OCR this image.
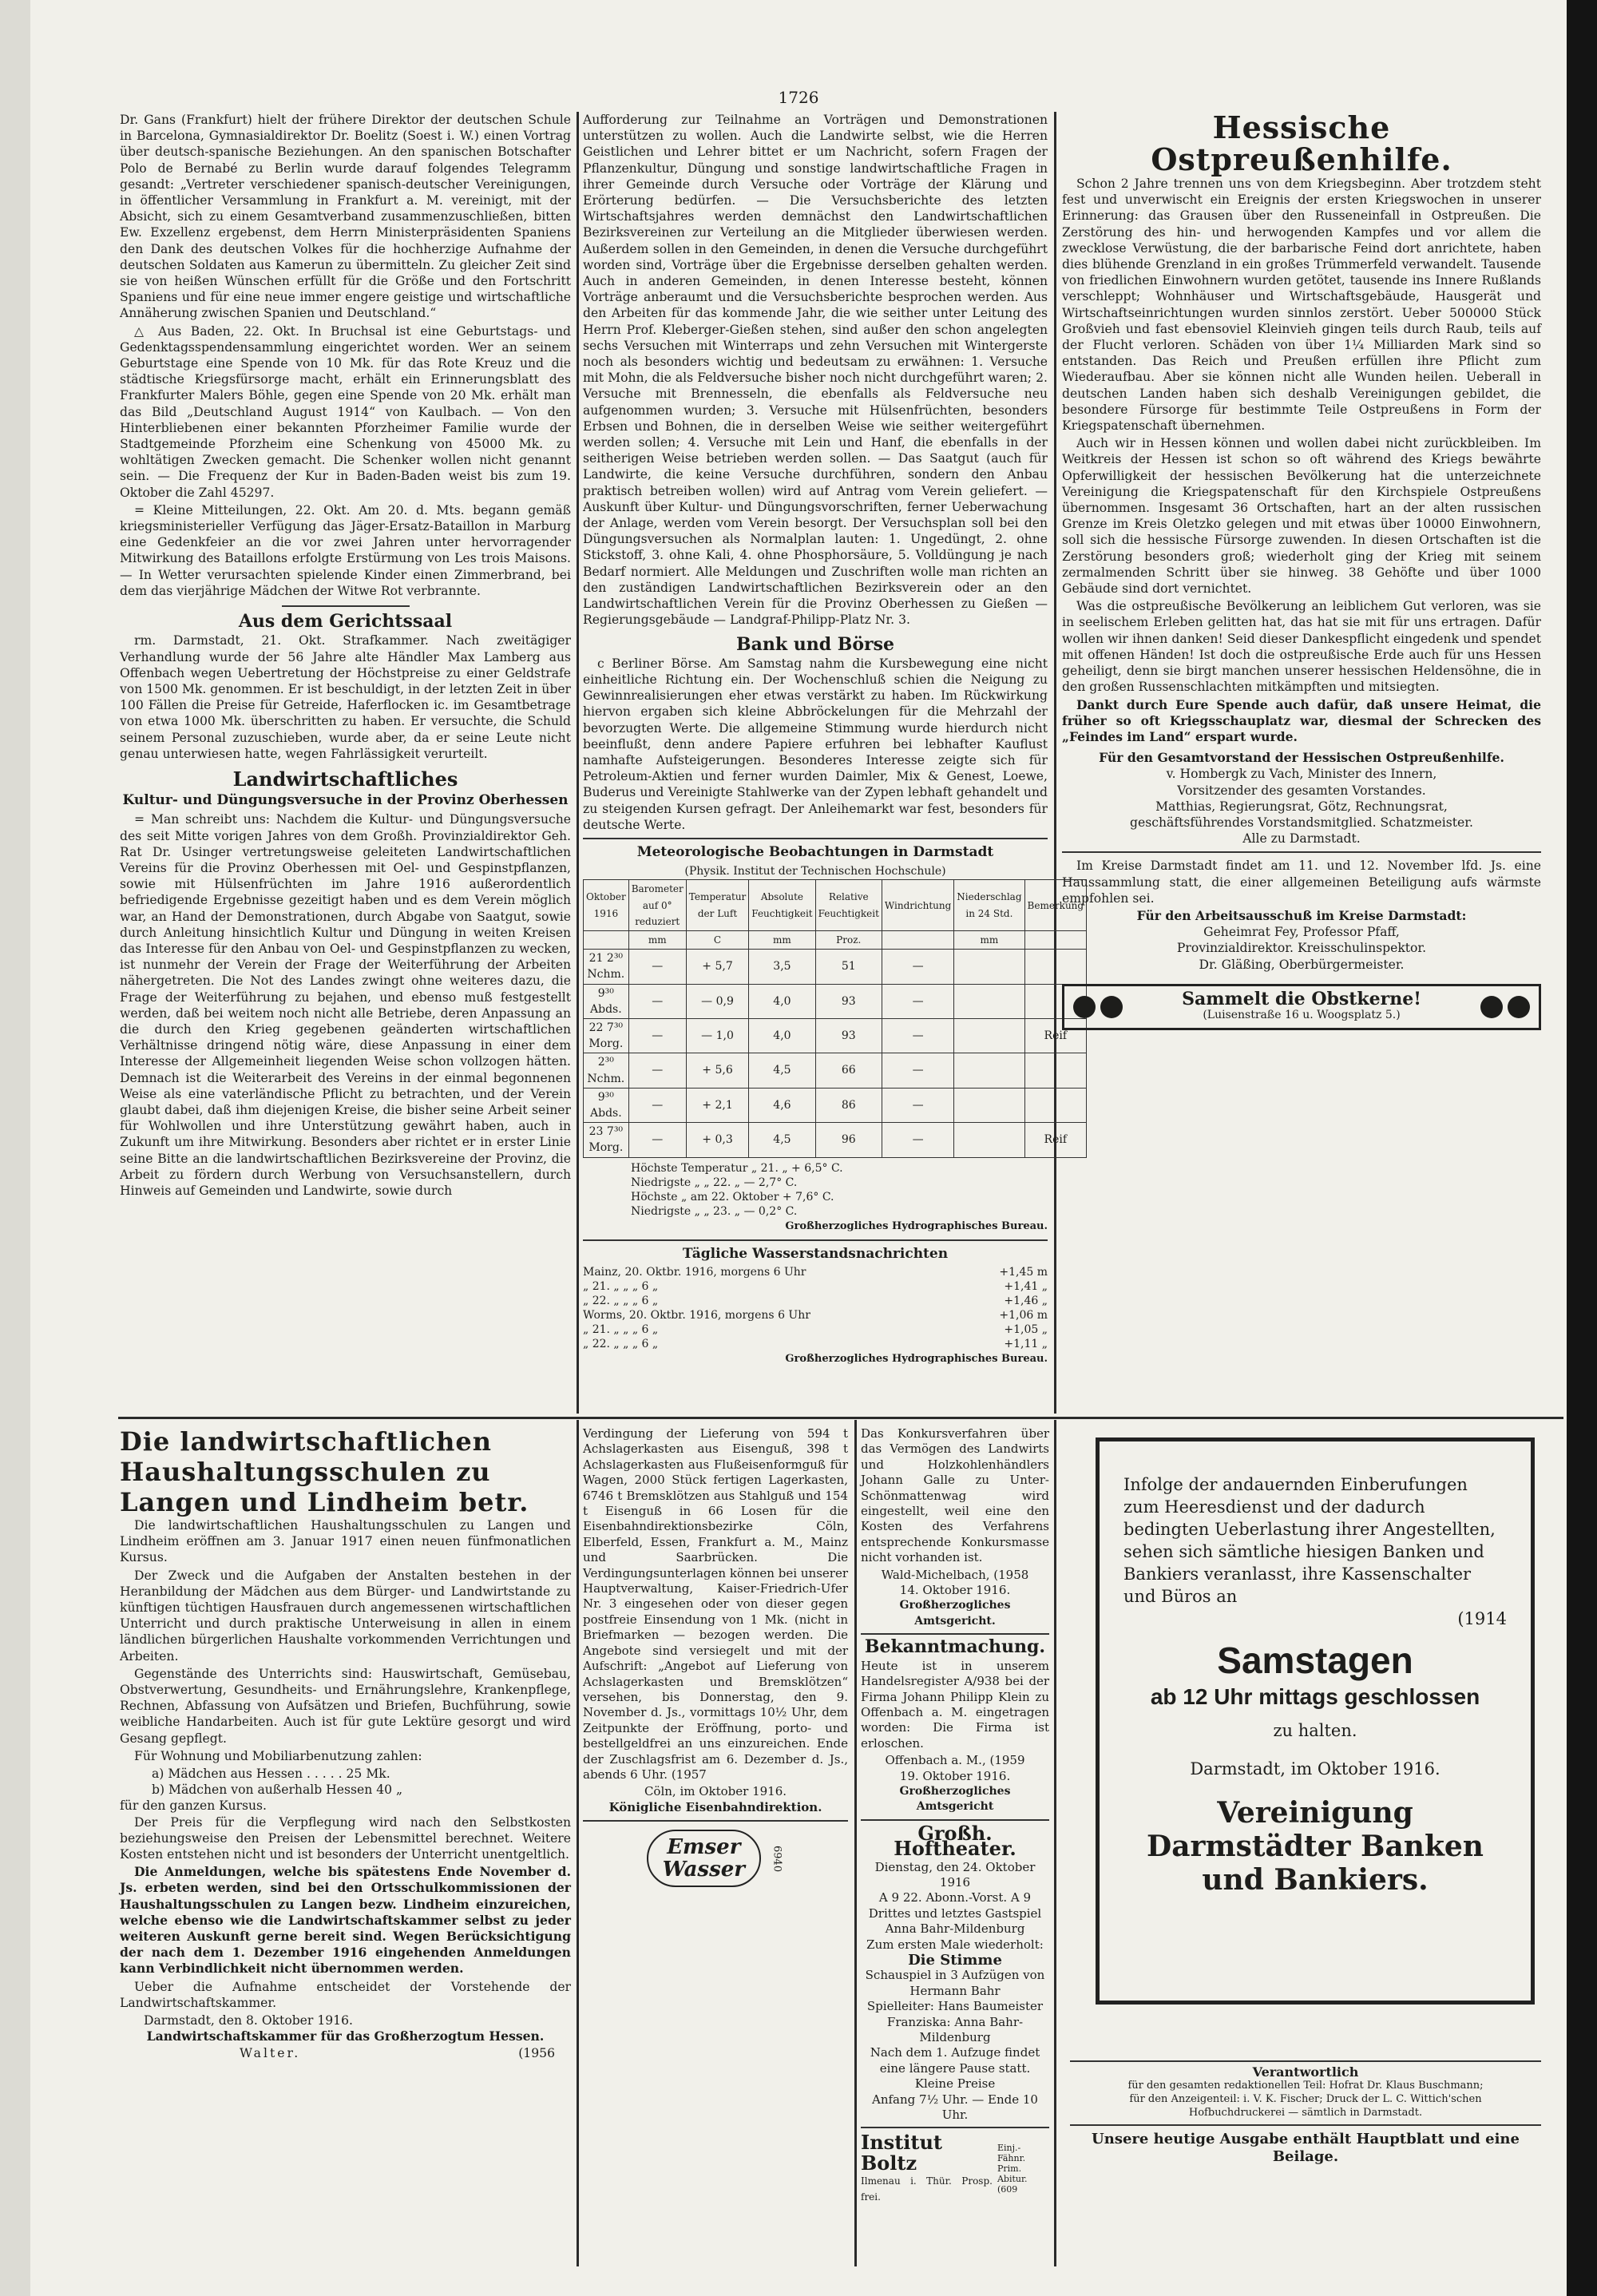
1726

Dr. Gans (Frankfurt) hielt der frühere Direktor der deutschen Schule in Barcelona, Gymnasialdirektor Dr. Boelitz (Soest i. W.) einen Vortrag über deutsch-spanische Beziehungen. An den spanischen Botschafter Polo de Bernabé zu Berlin wurde darauf folgendes Telegramm gesandt: „Vertreter verschiedener spanisch-deutscher Vereinigungen, in öffentlicher Versammlung in Frankfurt a. M. vereinigt, mit der Absicht, sich zu einem Gesamtverband zusammenzuschließen, bitten Ew. Exzellenz ergebenst, dem Herrn Ministerpräsidenten Spaniens den Dank des deutschen Volkes für die hochherzige Aufnahme der deutschen Soldaten aus Kamerun zu übermitteln. Zu gleicher Zeit sind sie von heißen Wünschen erfüllt für die Größe und den Fortschritt Spaniens und für eine neue immer engere geistige und wirtschaftliche Annäherung zwischen Spanien und Deutschland.“

△ Aus Baden, 22. Okt. In Bruchsal ist eine Geburtstags- und Gedenktagsspendensammlung eingerichtet worden. Wer an seinem Geburtstage eine Spende von 10 Mk. für das Rote Kreuz und die städtische Kriegsfürsorge macht, erhält ein Erinnerungsblatt des Frankfurter Malers Böhle, gegen eine Spende von 20 Mk. erhält man das Bild „Deutschland August 1914“ von Kaulbach. — Von den Hinterbliebenen einer bekannten Pforzheimer Familie wurde der Stadtgemeinde Pforzheim eine Schenkung von 45000 Mk. zu wohltätigen Zwecken gemacht. Die Schenker wollen nicht genannt sein. — Die Frequenz der Kur in Baden-Baden weist bis zum 19. Oktober die Zahl 45297.

= Kleine Mitteilungen, 22. Okt. Am 20. d. Mts. begann gemäß kriegsministerieller Verfügung das Jäger-Ersatz-Bataillon in Marburg eine Gedenkfeier an die vor zwei Jahren unter hervorragender Mitwirkung des Bataillons erfolgte Erstürmung von Les trois Maisons. — In Wetter verursachten spielende Kinder einen Zimmerbrand, bei dem das vierjährige Mädchen der Witwe Rot verbrannte.

Aus dem Gerichtssaal

rm. Darmstadt, 21. Okt. Strafkammer. Nach zweitägiger Verhandlung wurde der 56 Jahre alte Händler Max Lamberg aus Offenbach wegen Uebertretung der Höchstpreise zu einer Geldstrafe von 1500 Mk. genommen. Er ist beschuldigt, in der letzten Zeit in über 100 Fällen die Preise für Getreide, Haferflocken ic. im Gesamtbetrage von etwa 1000 Mk. überschritten zu haben. Er versuchte, die Schuld seinem Personal zuzuschieben, wurde aber, da er seine Leute nicht genau unterwiesen hatte, wegen Fahrlässigkeit verurteilt.

Landwirtschaftliches
Kultur- und Düngungsversuche in der Provinz Oberhessen

= Man schreibt uns: Nachdem die Kultur- und Düngungsversuche des seit Mitte vorigen Jahres von dem Großh. Provinzialdirektor Geh. Rat Dr. Usinger vertretungsweise geleiteten Landwirtschaftlichen Vereins für die Provinz Oberhessen mit Oel- und Gespinstpflanzen, sowie mit Hülsenfrüchten im Jahre 1916 außerordentlich befriedigende Ergebnisse gezeitigt haben und es dem Verein möglich war, an Hand der Demonstrationen, durch Abgabe von Saatgut, sowie durch Anleitung hinsichtlich Kultur und Düngung in weiten Kreisen das Interesse für den Anbau von Oel- und Gespinstpflanzen zu wecken, ist nunmehr der Verein der Frage der Weiterführung der Arbeiten nähergetreten. Die Not des Landes zwingt ohne weiteres dazu, die Frage der Weiterführung zu bejahen, und ebenso muß festgestellt werden, daß bei weitem noch nicht alle Betriebe, deren Anpassung an die durch den Krieg gegebenen geänderten wirtschaftlichen Verhältnisse dringend nötig wäre, diese Anpassung in einer dem Interesse der Allgemeinheit liegenden Weise schon vollzogen hätten. Demnach ist die Weiterarbeit des Vereins in der einmal begonnenen Weise als eine vaterländische Pflicht zu betrachten, und der Verein glaubt dabei, daß ihm diejenigen Kreise, die bisher seine Arbeit seiner für Wohlwollen und ihre Unterstützung gewährt haben, auch in Zukunft um ihre Mitwirkung. Besonders aber richtet er in erster Linie seine Bitte an die landwirtschaftlichen Bezirksvereine der Provinz, die Arbeit zu fördern durch Werbung von Versuchsanstellern, durch Hinweis auf Gemeinden und Landwirte, sowie durch

Aufforderung zur Teilnahme an Vorträgen und Demonstrationen unterstützen zu wollen. Auch die Landwirte selbst, wie die Herren Geistlichen und Lehrer bittet er um Nachricht, sofern Fragen der Pflanzenkultur, Düngung und sonstige landwirtschaftliche Fragen in ihrer Gemeinde durch Versuche oder Vorträge der Klärung und Erörterung bedürfen. — Die Versuchsberichte des letzten Wirtschaftsjahres werden demnächst den Landwirtschaftlichen Bezirksvereinen zur Verteilung an die Mitglieder überwiesen werden. Außerdem sollen in den Gemeinden, in denen die Versuche durchgeführt worden sind, Vorträge über die Ergebnisse derselben gehalten werden. Auch in anderen Gemeinden, in denen Interesse besteht, können Vorträge anberaumt und die Versuchsberichte besprochen werden. Aus den Arbeiten für das kommende Jahr, die wie seither unter Leitung des Herrn Prof. Kleberger-Gießen stehen, sind außer den schon angelegten sechs Versuchen mit Winterraps und zehn Versuchen mit Wintergerste noch als besonders wichtig und bedeutsam zu erwähnen: 1. Versuche mit Mohn, die als Feldversuche bisher noch nicht durchgeführt waren; 2. Versuche mit Brennesseln, die ebenfalls als Feldversuche neu aufgenommen wurden; 3. Versuche mit Hülsenfrüchten, besonders Erbsen und Bohnen, die in derselben Weise wie seither weitergeführt werden sollen; 4. Versuche mit Lein und Hanf, die ebenfalls in der seitherigen Weise betrieben werden sollen. — Das Saatgut (auch für Landwirte, die keine Versuche durchführen, sondern den Anbau praktisch betreiben wollen) wird auf Antrag vom Verein geliefert. — Auskunft über Kultur- und Düngungsvorschriften, ferner Ueberwachung der Anlage, werden vom Verein besorgt. Der Versuchsplan soll bei den Düngungsversuchen als Normalplan lauten: 1. Ungedüngt, 2. ohne Stickstoff, 3. ohne Kali, 4. ohne Phosphorsäure, 5. Volldüngung je nach Bedarf normiert. Alle Meldungen und Zuschriften wolle man richten an den zuständigen Landwirtschaftlichen Bezirksverein oder an den Landwirtschaftlichen Verein für die Provinz Oberhessen zu Gießen — Regierungsgebäude — Landgraf-Philipp-Platz Nr. 3.

Bank und Börse

c Berliner Börse. Am Samstag nahm die Kursbewegung eine nicht einheitliche Richtung ein. Der Wochenschluß schien die Neigung zu Gewinnrealisierungen eher etwas verstärkt zu haben. Im Rückwirkung hiervon ergaben sich kleine Abbröckelungen für die Mehrzahl der bevorzugten Werte. Die allgemeine Stimmung wurde hierdurch nicht beeinflußt, denn andere Papiere erfuhren bei lebhafter Kauflust namhafte Aufsteigerungen. Besonderes Interesse zeigte sich für Petroleum-Aktien und ferner wurden Daimler, Mix & Genest, Loewe, Buderus und Vereinigte Stahlwerke van der Zypen lebhaft gehandelt und zu steigenden Kursen gefragt. Der Anleihemarkt war fest, besonders für deutsche Werte.

Meteorologische Beobachtungen in Darmstadt
(Physik. Institut der Technischen Hochschule)
Oktober 1916	Barometer auf 0° reduziert	Temperatur der Luft	Absolute Feuchtigkeit	Relative Feuchtigkeit	Windrichtung	Niederschlag in 24 Std.	Bemerkung
	mm	C	mm	Proz.		mm	
21 2³⁰ Nchm.	—	+ 5,7	3,5	51	—		
9³⁰ Abds.	—	— 0,9	4,0	93	—		
22 7³⁰ Morg.	—	— 1,0	4,0	93	—		Reif
2³⁰ Nchm.	—	+ 5,6	4,5	66	—		
9³⁰ Abds.	—	+ 2,1	4,6	86	—		
23 7³⁰ Morg.	—	+ 0,3	4,5	96	—		Reif
Höchste Temperatur „ 21. „ + 6,5° C.
Niedrigste „ „ 22. „ — 2,7° C.
Höchste „ am 22. Oktober + 7,6° C.
Niedrigste „ „ 23. „ — 0,2° C.
Großherzogliches Hydrographisches Bureau.
Tägliche Wasserstandsnachrichten
Mainz, 20. Oktbr. 1916, morgens 6 Uhr	+1,45 m
„ 21. „ „ „ 6 „	+1,41 „
„ 22. „ „ „ 6 „	+1,46 „
Worms, 20. Oktbr. 1916, morgens 6 Uhr	+1,06 m
„ 21. „ „ „ 6 „	+1,05 „
„ 22. „ „ „ 6 „	+1,11 „
Großherzogliches Hydrographisches Bureau.
Hessische Ostpreußenhilfe.

Schon 2 Jahre trennen uns von dem Kriegsbeginn. Aber trotzdem steht fest und unverwischt ein Ereignis der ersten Kriegswochen in unserer Erinnerung: das Grausen über den Russeneinfall in Ostpreußen. Die Zerstörung des hin- und herwogenden Kampfes und vor allem die zwecklose Verwüstung, die der barbarische Feind dort anrichtete, haben dies blühende Grenzland in ein großes Trümmerfeld verwandelt. Tausende von friedlichen Einwohnern wurden getötet, tausende ins Innere Rußlands verschleppt; Wohnhäuser und Wirtschaftsgebäude, Hausgerät und Wirtschaftseinrichtungen wurden sinnlos zerstört. Ueber 500000 Stück Großvieh und fast ebensoviel Kleinvieh gingen teils durch Raub, teils auf der Flucht verloren. Schäden von über 1¼ Milliarden Mark sind so entstanden. Das Reich und Preußen erfüllen ihre Pflicht zum Wiederaufbau. Aber sie können nicht alle Wunden heilen. Ueberall in deutschen Landen haben sich deshalb Vereinigungen gebildet, die besondere Fürsorge für bestimmte Teile Ostpreußens in Form der Kriegspatenschaft übernehmen.

Auch wir in Hessen können und wollen dabei nicht zurückbleiben. Im Weitkreis der Hessen ist schon so oft während des Kriegs bewährte Opferwilligkeit der hessischen Bevölkerung hat die unterzeichnete Vereinigung die Kriegspatenschaft für den Kirchspiele Ostpreußens übernommen. Insgesamt 36 Ortschaften, hart an der alten russischen Grenze im Kreis Oletzko gelegen und mit etwas über 10000 Einwohnern, soll sich die hessische Fürsorge zuwenden. In diesen Ortschaften ist die Zerstörung besonders groß; wiederholt ging der Krieg mit seinem zermalmenden Schritt über sie hinweg. 38 Gehöfte und über 1000 Gebäude sind dort vernichtet.

Was die ostpreußische Bevölkerung an leiblichem Gut verloren, was sie in seelischem Erleben gelitten hat, das hat sie mit für uns ertragen. Dafür wollen wir ihnen danken! Seid dieser Dankespflicht eingedenk und spendet mit offenen Händen! Ist doch die ostpreußische Erde auch für uns Hessen geheiligt, denn sie birgt manchen unserer hessischen Heldensöhne, die in den großen Russenschlachten mitkämpften und mitsiegten.

Dankt durch Eure Spende auch dafür, daß unsere Heimat, die früher so oft Kriegsschauplatz war, diesmal der Schrecken des „Feindes im Land“ erspart wurde.

Für den Gesamtvorstand der Hessischen Ostpreußenhilfe.
v. Hombergk zu Vach, Minister des Innern,
Vorsitzender des gesamten Vorstandes.
Matthias, Regierungsrat, Götz, Rechnungsrat,
geschäftsführendes Vorstandsmitglied. Schatzmeister.
Alle zu Darmstadt.

Im Kreise Darmstadt findet am 11. und 12. November lfd. Js. eine Haussammlung statt, die einer allgemeinen Beteiligung aufs wärmste empfohlen sei.

Für den Arbeitsausschuß im Kreise Darmstadt:
Geheimrat Fey, Professor Pfaff,
Provinzialdirektor. Kreisschulinspektor.
Dr. Gläßing, Oberbürgermeister.
Sammelt die Obstkerne!
(Luisenstraße 16 u. Woogsplatz 5.)
Die landwirtschaftlichen Haushaltungsschulen zu Langen und Lindheim betr.

Die landwirtschaftlichen Haushaltungsschulen zu Langen und Lindheim eröffnen am 3. Januar 1917 einen neuen fünfmonatlichen Kursus.

Der Zweck und die Aufgaben der Anstalten bestehen in der Heranbildung der Mädchen aus dem Bürger- und Landwirtstande zu künftigen tüchtigen Hausfrauen durch angemessenen wirtschaftlichen Unterricht und durch praktische Unterweisung in allen in einem ländlichen bürgerlichen Haushalte vorkommenden Verrichtungen und Arbeiten.

Gegenstände des Unterrichts sind: Hauswirtschaft, Gemüsebau, Obstverwertung, Gesundheits- und Ernährungslehre, Krankenpflege, Rechnen, Abfassung von Aufsätzen und Briefen, Buchführung, sowie weibliche Handarbeiten. Auch ist für gute Lektüre gesorgt und wird Gesang gepflegt.

Für Wohnung und Mobiliarbenutzung zahlen:

a) Mädchen aus Hessen . . . . . 25 Mk.
b) Mädchen von außerhalb Hessen 40 „
für den ganzen Kursus.

Der Preis für die Verpflegung wird nach den Selbstkosten beziehungsweise den Preisen der Lebensmittel berechnet. Weitere Kosten entstehen nicht und ist besonders der Unterricht unentgeltlich.

Die Anmeldungen, welche bis spätestens Ende November d. Js. erbeten werden, sind bei den Ortsschulkommissionen der Haushaltungsschulen zu Langen bezw. Lindheim einzureichen, welche ebenso wie die Landwirtschaftskammer selbst zu jeder weiteren Auskunft gerne bereit sind. Wegen Berücksichtigung der nach dem 1. Dezember 1916 eingehenden Anmeldungen kann Verbindlichkeit nicht übernommen werden.

Ueber die Aufnahme entscheidet der Vorstehende der Landwirtschaftskammer.

Darmstadt, den 8. Oktober 1916.
Landwirtschaftskammer für das Großherzogtum Hessen.
Walter.	(1956

Verdingung der Lieferung von 594 t Achslagerkasten aus Eisenguß, 398 t Achslagerkasten aus Flußeisenformguß für Wagen, 2000 Stück fertigen Lagerkasten, 6746 t Bremsklötzen aus Stahlguß und 154 t Eisenguß in 66 Losen für die Eisenbahndirektionsbezirke Cöln, Elberfeld, Essen, Frankfurt a. M., Mainz und Saarbrücken. Die Verdingungsunterlagen können bei unserer Hauptverwaltung, Kaiser-Friedrich-Ufer Nr. 3 eingesehen oder von dieser gegen postfreie Einsendung von 1 Mk. (nicht in Briefmarken — bezogen werden. Die Angebote sind versiegelt und mit der Aufschrift: „Angebot auf Lieferung von Achslagerkasten und Bremsklötzen“ versehen, bis Donnerstag, den 9. November d. Js., vormittags 10½ Uhr, dem Zeitpunkte der Eröffnung, porto- und bestellgeldfrei an uns einzureichen. Ende der Zuschlagsfrist am 6. Dezember d. Js., abends 6 Uhr. (1957

Cöln, im Oktober 1916.
Königliche Eisenbahndirektion.
Emser
Wasser 6940

Das Konkursverfahren über das Vermögen des Landwirts und Holzkohlenhändlers Johann Galle zu Unter-Schönmattenwag wird eingestellt, weil eine den Kosten des Verfahrens entsprechende Konkursmasse nicht vorhanden ist.

Wald-Michelbach, (1958
14. Oktober 1916.
Großherzogliches Amtsgericht.
Bekanntmachung.

Heute ist in unserem Handelsregister A/938 bei der Firma Johann Philipp Klein zu Offenbach a. M. eingetragen worden: Die Firma ist erloschen.

Offenbach a. M., (1959
19. Oktober 1916.
Großherzogliches Amtsgericht
Großh. Hoftheater.
Dienstag, den 24. Oktober 1916
A 9 22. Abonn.-Vorst. A 9
Drittes und letztes Gastspiel
Anna Bahr-Mildenburg
Zum ersten Male wiederholt:
Die Stimme
Schauspiel in 3 Aufzügen von
Hermann Bahr
Spielleiter: Hans Baumeister
Franziska: Anna Bahr-Mildenburg
Nach dem 1. Aufzuge findet
eine längere Pause statt.
Kleine Preise
Anfang 7½ Uhr. — Ende 10 Uhr.
Institut Boltz
Ilmenau i. Thür. Prosp. frei.
Einj.- Fähnr.
Prim. Abitur.
(609
Infolge der andauernden Einberufungen zum Heeresdienst und der dadurch bedingten Ueberlastung ihrer Angestellten, sehen sich sämtliche hiesigen Banken und Bankiers veranlasst, ihre Kassenschalter und Büros an
(1914
Samstagen
ab 12 Uhr mittags geschlossen
zu halten.
Darmstadt, im Oktober 1916.
Vereinigung
Darmstädter Banken
und Bankiers.
Verantwortlich
für den gesamten redaktionellen Teil: Hofrat Dr. Klaus Buschmann;
für den Anzeigenteil: i. V. K. Fischer; Druck der L. C. Wittich'schen
Hofbuchdruckerei — sämtlich in Darmstadt.
Unsere heutige Ausgabe enthält Hauptblatt und eine Beilage.
